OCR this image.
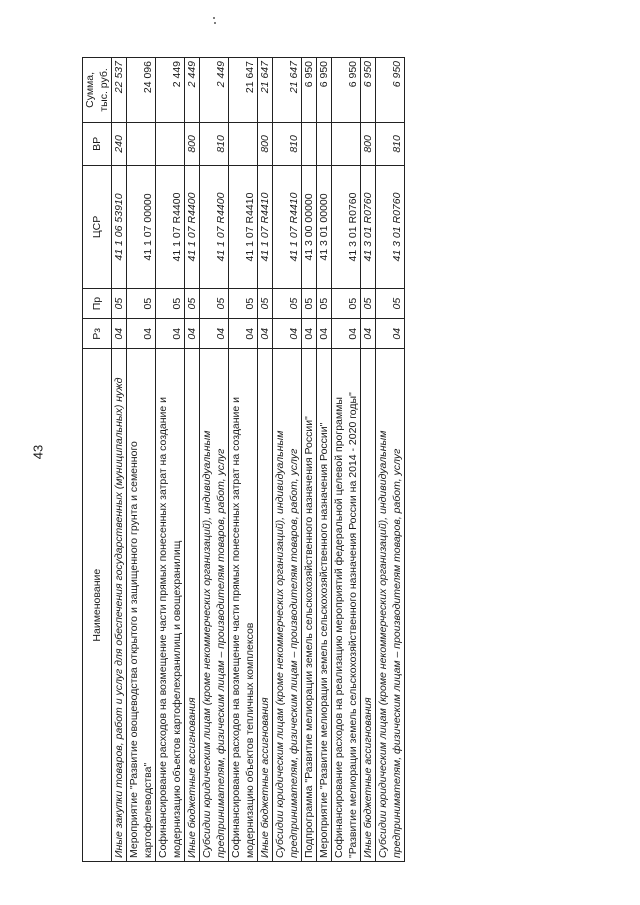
43
Наименование	Рз	Пр	ЦСР	ВР	Сумма, тыс. руб.
Иные закупки товаров, работ и услуг для обеспечения государственных (муниципальных) нужд	04	05	41 1 06 53910	240	22 537
Мероприятие "Развитие овощеводства открытого и защищенного грунта и семенного картофелеводства"	04	05	41 1 07 00000		24 096
Софинансирование расходов на возмещение части прямых понесенных затрат на создание и модернизацию объектов картофелехранилищ и овощехранилищ	04	05	41 1 07 R4400		2 449
Иные бюджетные ассигнования	04	05	41 1 07 R4400	800	2 449
Субсидии юридическим лицам (кроме некоммерческих организаций), индивидуальным предпринимателям, физическим лицам – производителям товаров, работ, услуг	04	05	41 1 07 R4400	810	2 449
Софинансирование расходов на возмещение части прямых понесенных затрат на создание и модернизацию объектов тепличных комплексов	04	05	41 1 07 R4410		21 647
Иные бюджетные ассигнования	04	05	41 1 07 R4410	800	21 647
Субсидии юридическим лицам (кроме некоммерческих организаций), индивидуальным предпринимателям, физическим лицам – производителям товаров, работ, услуг	04	05	41 1 07 R4410	810	21 647
Подпрограмма "Развитие мелиорации земель сельскохозяйственного назначения России"	04	05	41 3 00 00000		6 950
Мероприятие "Развитие мелиорации земель сельскохозяйственного назначения России"	04	05	41 3 01 00000		6 950
Софинансирование расходов на реализацию мероприятий федеральной целевой программы "Развитие мелиорации земель сельскохозяйственного назначения России на 2014 - 2020 годы"	04	05	41 3 01 R0760		6 950
Иные бюджетные ассигнования	04	05	41 3 01 R0760	800	6 950
Субсидии юридическим лицам (кроме некоммерческих организаций), индивидуальным предпринимателям, физическим лицам – производителям товаров, работ, услуг	04	05	41 3 01 R0760	810	6 950
